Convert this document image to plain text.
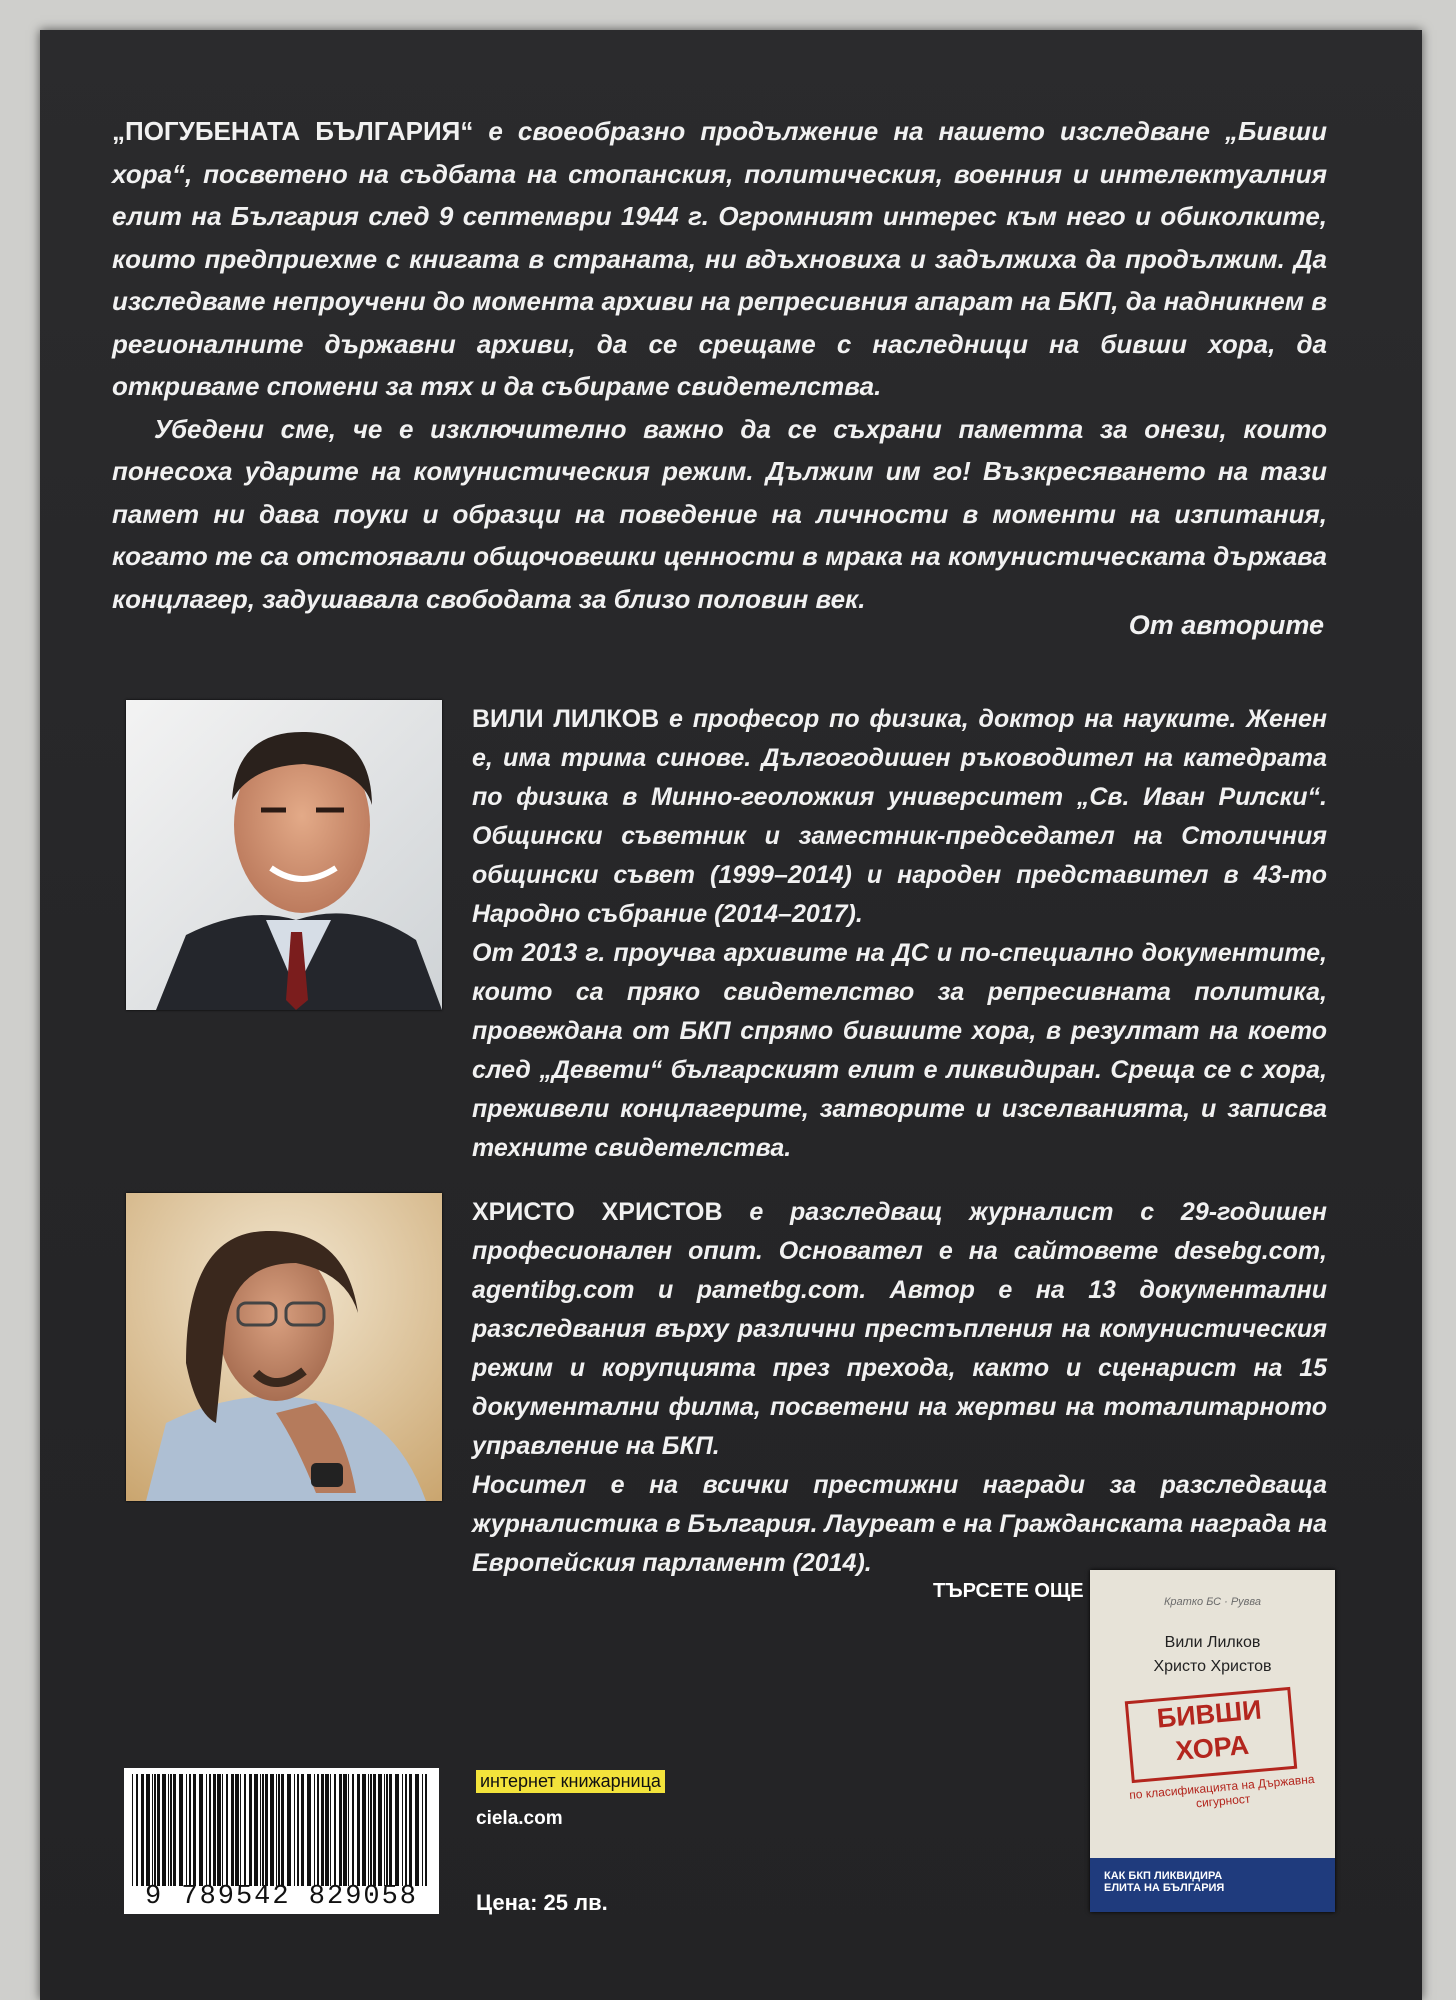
„ПОГУБЕНАТА БЪЛГАРИЯ“ е своеобразно продължение на нашето изследване „Бивши хора“, посветено на съдбата на стопанския, политическия, военния и интелектуалния елит на България след 9 септември 1944 г. Огромният интерес към него и обиколките, които предприехме с книгата в страната, ни вдъхновиха и задължиха да продължим. Да изследваме непроучени до момента архиви на репресивния апарат на БКП, да надникнем в регионалните държавни архиви, да се срещаме с наследници на бивши хора, да откриваме спомени за тях и да събираме свидетелства.

Убедени сме, че е изключително важно да се съхрани паметта за онези, които понесоха ударите на комунистическия режим. Дължим им го! Възкресяването на тази памет ни дава поуки и образци на поведение на личности в моменти на изпитания, когато те са отстоявали общочовешки ценности в мрака на комунистическата държава концлагер, задушавала свободата за близо половин век.

От авторите

ВИЛИ ЛИЛКОВ е професор по физика, доктор на науките. Женен е, има трима синове. Дългогодишен ръководител на катедрата по физика в Минно-геоложкия университет „Св. Иван Рилски“. Общински съветник и заместник-председател на Столичния общински съвет (1999–2014) и народен представител в 43-то Народно събрание (2014–2017).

От 2013 г. проучва архивите на ДС и по-специално документите, които са пряко свидетелство за репресивната политика, провеждана от БКП спрямо бившите хора, в резултат на което след „Девети“ българският елит е ликвидиран. Среща се с хора, преживели концлагерите, затворите и изселванията, и записва техните свидетелства.

ХРИСТО ХРИСТОВ е разследващ журналист с 29-годишен професионален опит. Основател е на сайтовете desebg.com, agentibg.com и pametbg.com. Автор е на 13 документални разследвания върху различни престъпления на комунистическия режим и корупцията през прехода, както и сценарист на 15 документални филма, посветени на жертви на тоталитарното управление на БКП.

Носител е на всички престижни награди за разследваща журналистика в България. Лауреат е на Гражданската награда на Европейския парламент (2014).

ТЪРСЕТЕ ОЩЕ	Кратко БС · Рувва
Вили Лилков
Христо Христов
БИВШИ
ХОРА
по класификацията на Държавна сигурност
КАК БКП ЛИКВИДИРА
ЕЛИТА НА БЪЛГАРИЯ
9 789542 829058
интернет книжарница
ciela.com
Цена: 25 лв.
